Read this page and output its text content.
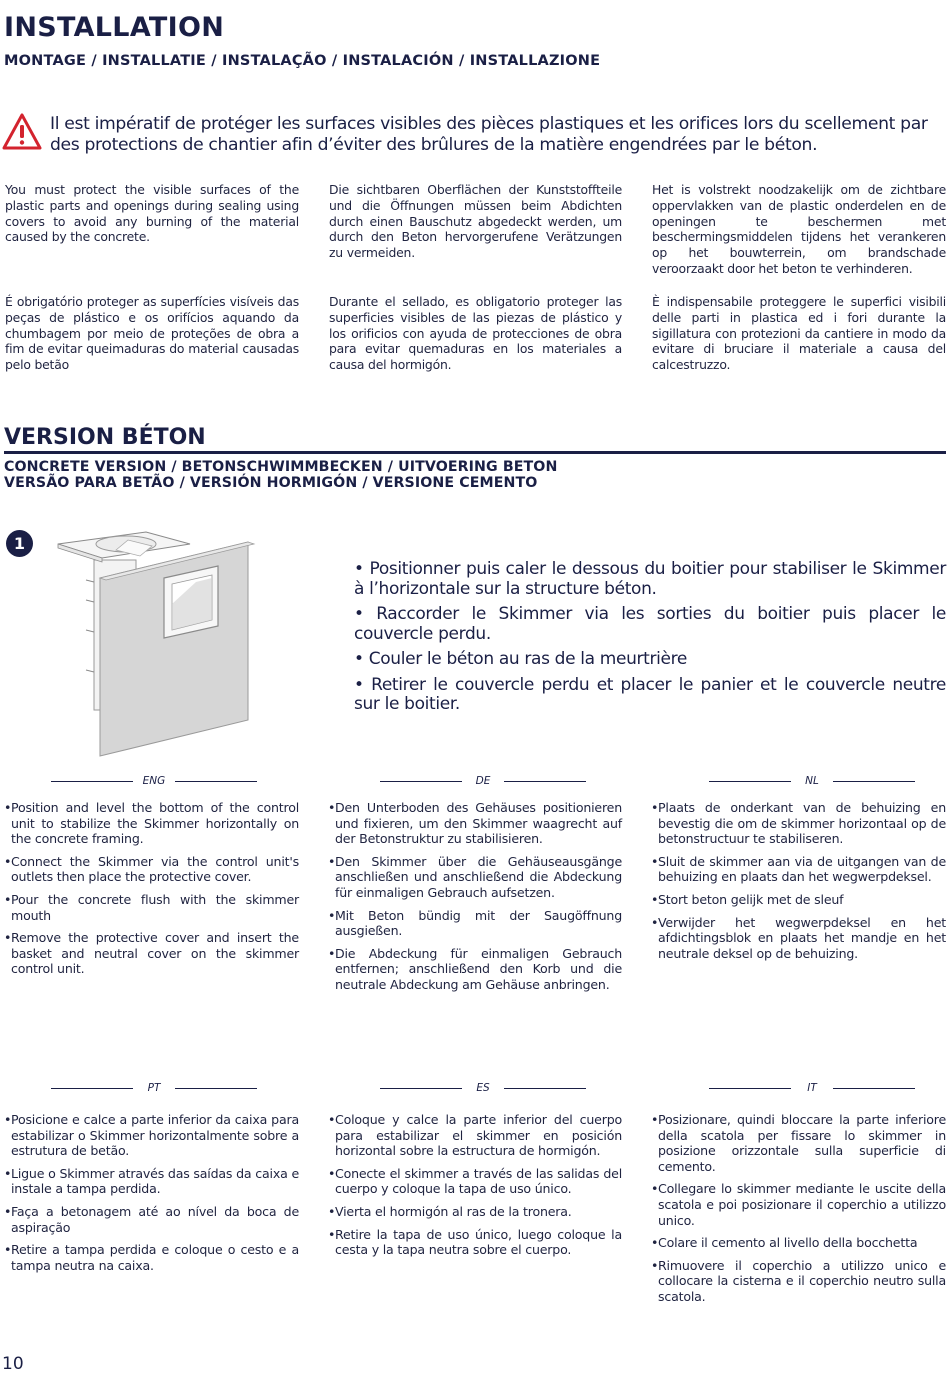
INSTALLATION
MONTAGE / INSTALLATIE / INSTALAÇÃO / INSTALACIÓN / INSTALLAZIONE
Il est impératif de protéger les surfaces visibles des pièces plastiques et les orifices lors du scellement par des protections de chantier afin d’éviter des brûlures de la matière engendrées par le béton.
You must protect the visible surfaces of the plastic parts and openings during sealing using covers to avoid any burning of the material caused by the concrete.
Die sichtbaren Oberflächen der Kunststoffteile und die Öffnungen müssen beim Abdichten durch einen Bauschutz abgedeckt werden, um durch den Beton hervorgerufene Verätzungen zu vermeiden.
Het is volstrekt noodzakelijk om de zichtbare oppervlakken van de plastic onderdelen en de openingen te beschermen met beschermingsmiddelen tijdens het verankeren op het bouwterrein, om brandschade veroorzaakt door het beton te verhinderen.
É obrigatório proteger as superfícies visíveis das peças de plástico e os orifícios aquando da chumbagem por meio de proteções de obra a fim de evitar queimaduras do material causadas pelo betão
Durante el sellado, es obligatorio proteger las superficies visibles de las piezas de plástico y los orificios con ayuda de protecciones de obra para evitar quemaduras en los materiales a causa del hormigón.
È indispensabile proteggere le superfici visibili delle parti in plastica ed i fori durante la sigillatura con protezioni da cantiere in modo da evitare di bruciare il materiale a causa del calcestruzzo.
VERSION BÉTON
CONCRETE VERSION / BETONSCHWIMMBECKEN / UITVOERING BETON
VERSÃO PARA BETÃO / VERSIÓN HORMIGÓN / VERSIONE CEMENTO
1
• Positionner puis caler le dessous du boitier pour stabiliser le Skimmer à l’horizontale sur la structure béton.
• Raccorder le Skimmer via les sorties du boitier puis placer le couvercle perdu.
• Couler le béton au ras de la meurtrière
• Retirer le couvercle perdu et placer le panier et le couvercle neutre sur le boitier.
ENG	DE	NL
• Position and level the bottom of the control unit to stabilize the Skimmer horizontally on the concrete framing.
• Connect the Skimmer via the control unit's outlets then place the protective cover.
• Pour the concrete flush with the skimmer mouth
• Remove the protective cover and insert the basket and neutral cover on the skimmer control unit.
• Den Unterboden des Gehäuses positionieren und fixieren, um den Skimmer waagrecht auf der Betonstruktur zu stabilisieren.
• Den Skimmer über die Gehäuseausgänge anschließen und anschließend die Abdeckung für einmaligen Gebrauch aufsetzen.
• Mit Beton bündig mit der Saugöffnung ausgießen.
• Die Abdeckung für einmaligen Gebrauch entfernen; anschließend den Korb und die neutrale Abdeckung am Gehäuse anbringen.
• Plaats de onderkant van de behuizing en bevestig die om de skimmer horizontaal op de betonstructuur te stabiliseren.
• Sluit de skimmer aan via de uitgangen van de behuizing en plaats dan het wegwerpdeksel.
• Stort beton gelijk met de sleuf
• Verwijder het wegwerpdeksel en het afdichtingsblok en plaats het mandje en het neutrale deksel op de behuizing.
PT	ES	IT
• Posicione e calce a parte inferior da caixa para estabilizar o Skimmer horizontalmente sobre a estrutura de betão.
• Ligue o Skimmer através das saídas da caixa e instale a tampa perdida.
• Faça a betonagem até ao nível da boca de aspiração
• Retire a tampa perdida e coloque o cesto e a tampa neutra na caixa.
• Coloque y calce la parte inferior del cuerpo para estabilizar el skimmer en posición horizontal sobre la estructura de hormigón.
• Conecte el skimmer a través de las salidas del cuerpo y coloque la tapa de uso único.
• Vierta el hormigón al ras de la tronera.
• Retire la tapa de uso único, luego coloque la cesta y la tapa neutra sobre el cuerpo.
• Posizionare, quindi bloccare la parte inferiore della scatola per fissare lo skimmer in posizione orizzontale sulla superficie di cemento.
• Collegare lo skimmer mediante le uscite della scatola e poi posizionare il coperchio a utilizzo unico.
• Colare il cemento al livello della bocchetta
• Rimuovere il coperchio a utilizzo unico e collocare la cisterna e il coperchio neutro sulla scatola.
10
